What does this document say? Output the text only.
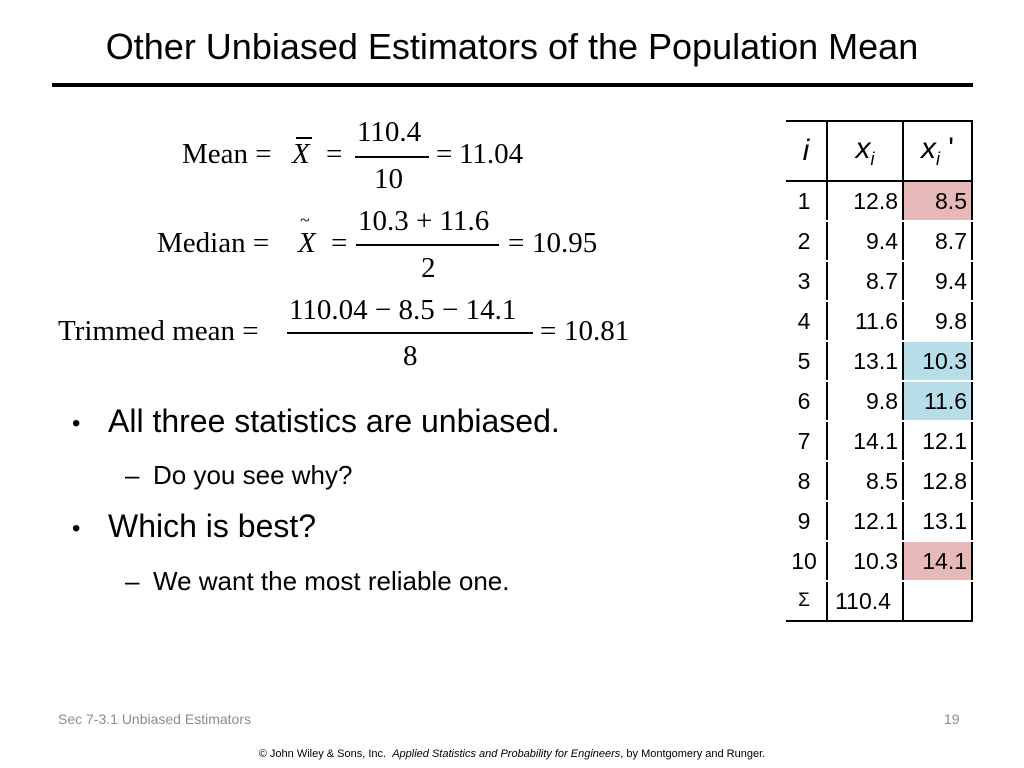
Other Unbiased Estimators of the Population Mean
Mean = X =
110.4
10
= 11.04
Median =
~
X =
10.3 + 11.6
2
= 10.95
Trimmed mean =
110.04 − 8.5 − 14.1
8
= 10.81
• All three statistics are unbiased.
– Do you see why?
• Which is best?
– We want the most reliable one.
i	$x_i$	$x_i$ '
1	12.8	8.5
2	9.4	8.7
3	8.7	9.4
4	11.6	9.8
5	13.1	10.3
6	9.8	11.6
7	14.1	12.1
8	8.5	12.8
9	12.1	13.1
10	10.3	14.1
Σ	110.4	
Sec 7-3.1 Unbiased Estimators	19
© John Wiley & Sons, Inc. Applied Statistics and Probability for Engineers, by Montgomery and Runger.
